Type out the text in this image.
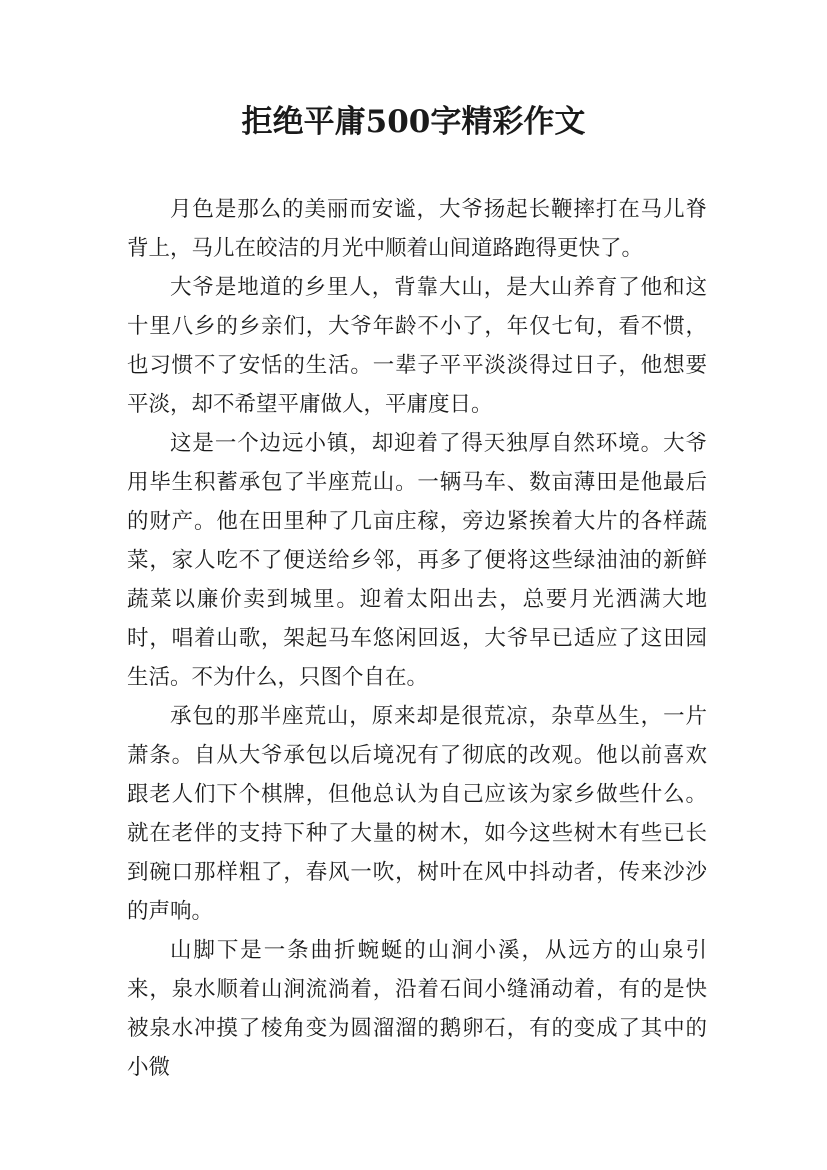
拒绝平庸500字精彩作文

月色是那么的美丽而安谧，大爷扬起长鞭摔打在马儿脊背上，马儿在皎洁的月光中顺着山间道路跑得更快了。

大爷是地道的乡里人，背靠大山，是大山养育了他和这十里八乡的乡亲们，大爷年龄不小了，年仅七旬，看不惯，也习惯不了安恬的生活。一辈子平平淡淡得过日子，他想要平淡，却不希望平庸做人，平庸度日。

这是一个边远小镇，却迎着了得天独厚自然环境。大爷用毕生积蓄承包了半座荒山。一辆马车、数亩薄田是他最后的财产。他在田里种了几亩庄稼，旁边紧挨着大片的各样蔬菜，家人吃不了便送给乡邻，再多了便将这些绿油油的新鲜蔬菜以廉价卖到城里。迎着太阳出去，总要月光洒满大地时，唱着山歌，架起马车悠闲回返，大爷早已适应了这田园生活。不为什么，只图个自在。

承包的那半座荒山，原来却是很荒凉，杂草丛生，一片萧条。自从大爷承包以后境况有了彻底的改观。他以前喜欢跟老人们下个棋牌，但他总认为自己应该为家乡做些什么。就在老伴的支持下种了大量的树木，如今这些树木有些已长到碗口那样粗了，春风一吹，树叶在风中抖动者，传来沙沙的声响。

山脚下是一条曲折蜿蜒的山涧小溪，从远方的山泉引来，泉水顺着山涧流淌着，沿着石间小缝涌动着，有的是快被泉水冲摸了棱角变为圆溜溜的鹅卵石，有的变成了其中的小微
